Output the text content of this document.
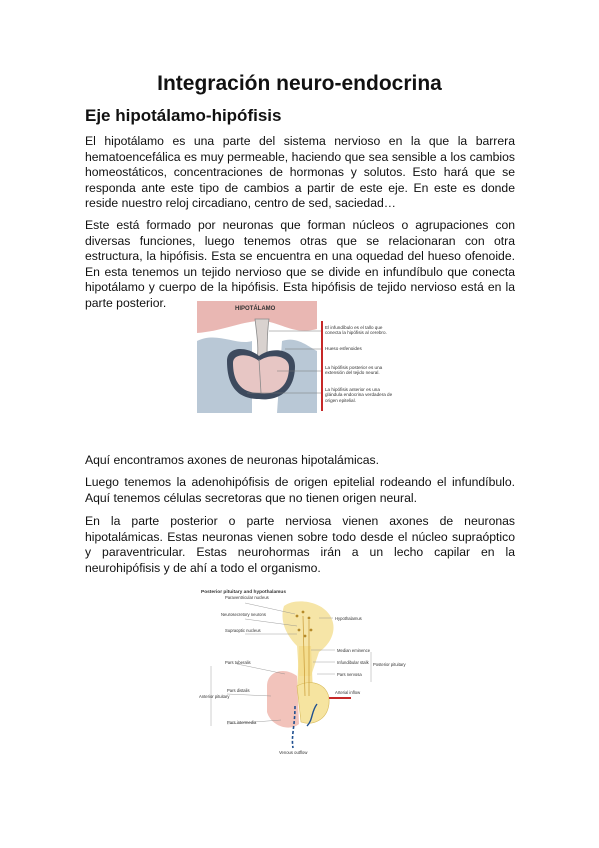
Integración neuro-endocrina
Eje hipotálamo-hipófisis

El hipotálamo es una parte del sistema nervioso en la que la barrera hematoencefálica es muy permeable, haciendo que sea sensible a los cambios homeostáticos, concentraciones de hormonas y solutos. Esto hará que se responda ante este tipo de cambios a partir de este eje. En este es donde reside nuestro reloj circadiano, centro de sed, saciedad…

Este está formado por neuronas que forman núcleos o agrupaciones con diversas funciones, luego tenemos otras que se relacionaran con otra estructura, la hipófisis. Esta se encuentra en una oquedad del hueso ofenoide. En esta tenemos un tejido nervioso que se divide en infundíbulo que conecta hipotálamo y cuerpo de la hipófisis. Esta hipófisis de tejido nervioso está en la parte posterior.	HIPOTÁLAMO
El infundíbulo es el tallo que conecta la hipófisis al cerebro.
Hueso esfenoides
La hipófisis posterior es una extensión del tejido neural.
La hipófisis anterior es una glándula endocrina verdadera de origen epitelial.

Aquí encontramos axones de neuronas hipotalámicas.

Luego tenemos la adenohipófisis de origen epitelial rodeando el infundíbulo. Aquí tenemos células secretoras que no tienen origen neural.

En la parte posterior o parte nerviosa vienen axones de neuronas hipotalámicas. Estas neuronas vienen sobre todo desde el núcleo supraóptico y paraventricular. Estas neurohormas irán a un lecho capilar en la neurohipófisis y de ahí a todo el organismo.

Posterior pituitary and hypothalamus
Paraventricular nucleus
Neurosecretory neurons
Supraoptic nucleus
Pars tuberalis
Anterior pituitary
Pars distalis
Pars intermedia
Hypothalamus
Median eminence
Infundibular stalk
Pars nervosa
Arterial inflow
Posterior pituitary
Venous outflow
